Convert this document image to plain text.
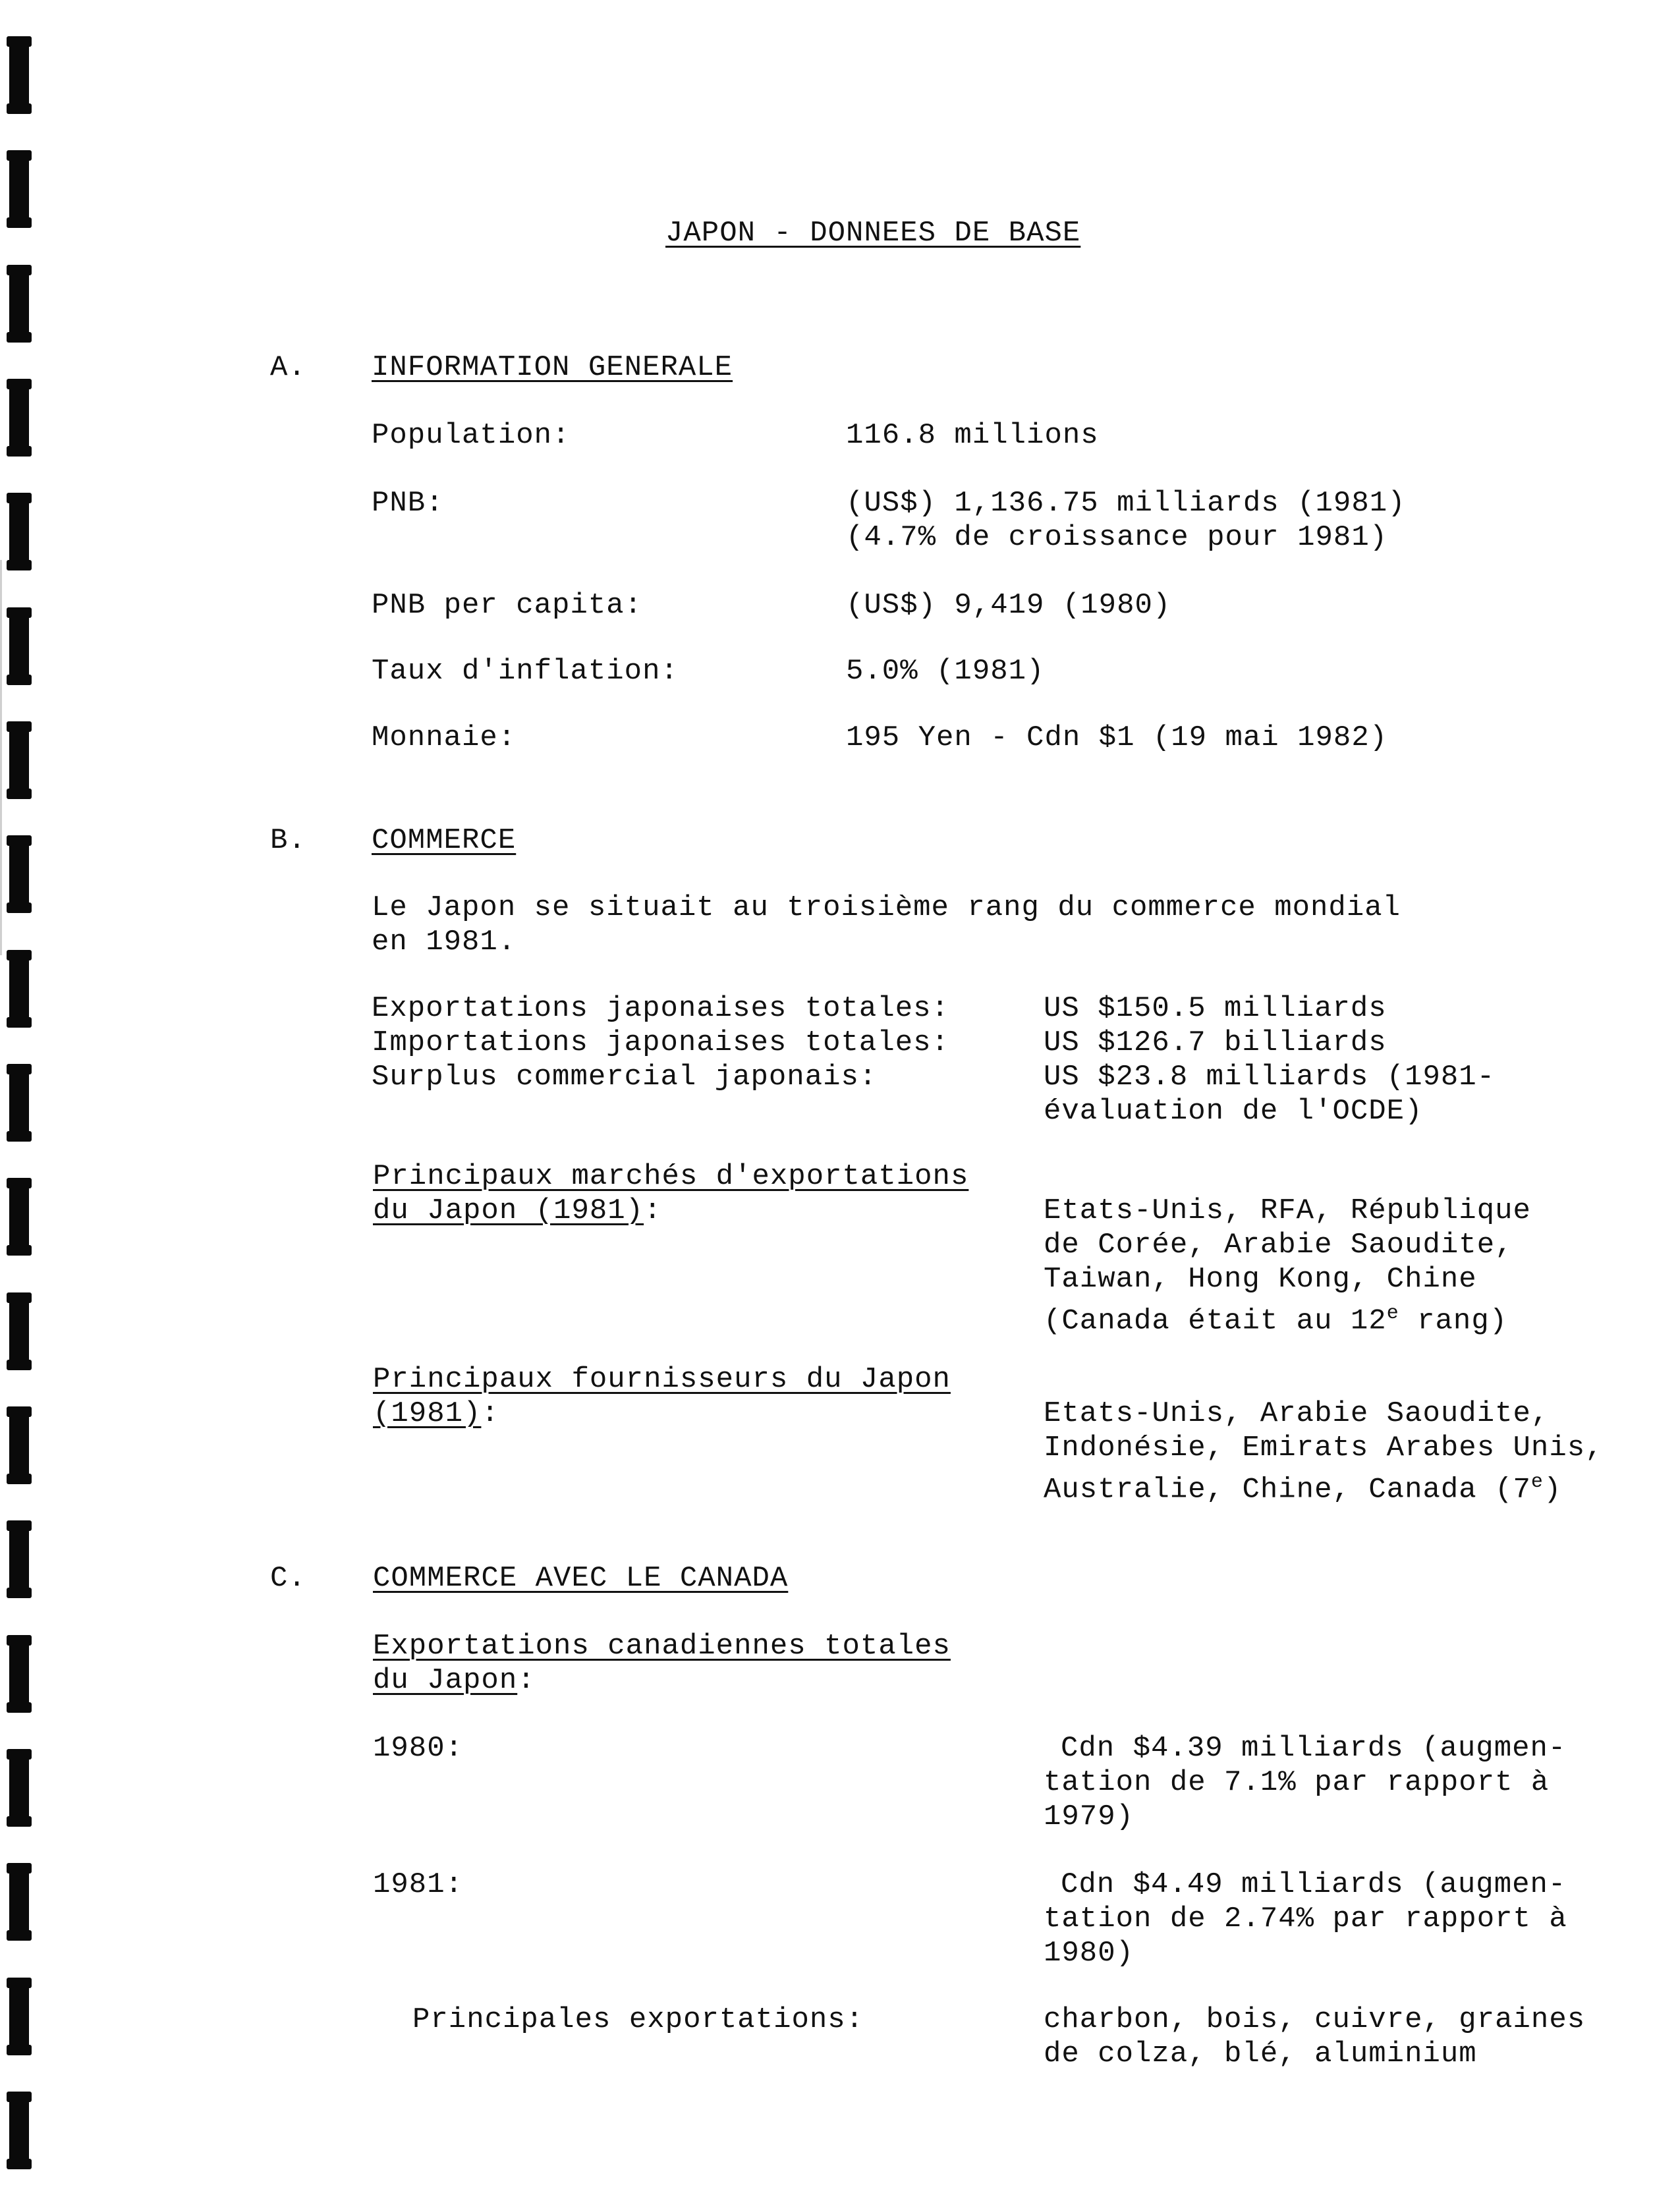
JAPON - DONNEES DE BASE
A. INFORMATION GENERALE
Population:	116.8 millions
PNB:	(US$) 1,136.75 milliards (1981)
(4.7% de croissance pour 1981)
PNB per capita:	(US$) 9,419 (1980)
Taux d'inflation:	5.0% (1981)
Monnaie:	195 Yen - Cdn $1 (19 mai 1982)
B. COMMERCE
Le Japon se situait au troisième rang du commerce mondial
en 1981.
Exportations japonaises totales:	US $150.5 milliards
Importations japonaises totales:	US $126.7 billiards
Surplus commercial japonais:	US $23.8 milliards (1981-
évaluation de l'OCDE)
Principaux marchés d'exportations
du Japon (1981):	Etats-Unis, RFA, République
de Corée, Arabie Saoudite,
Taiwan, Hong Kong, Chine
(Canada était au 12e rang)
Principaux fournisseurs du Japon
(1981):	Etats-Unis, Arabie Saoudite,
Indonésie, Emirats Arabes Unis,
Australie, Chine, Canada (7e)
C. COMMERCE AVEC LE CANADA
Exportations canadiennes totales
du Japon:
1980:	Cdn $4.39 milliards (augmen-
tation de 7.1% par rapport à
1979)
1981:	Cdn $4.49 milliards (augmen-
tation de 2.74% par rapport à
1980)
Principales exportations:	charbon, bois, cuivre, graines
de colza, blé, aluminium
